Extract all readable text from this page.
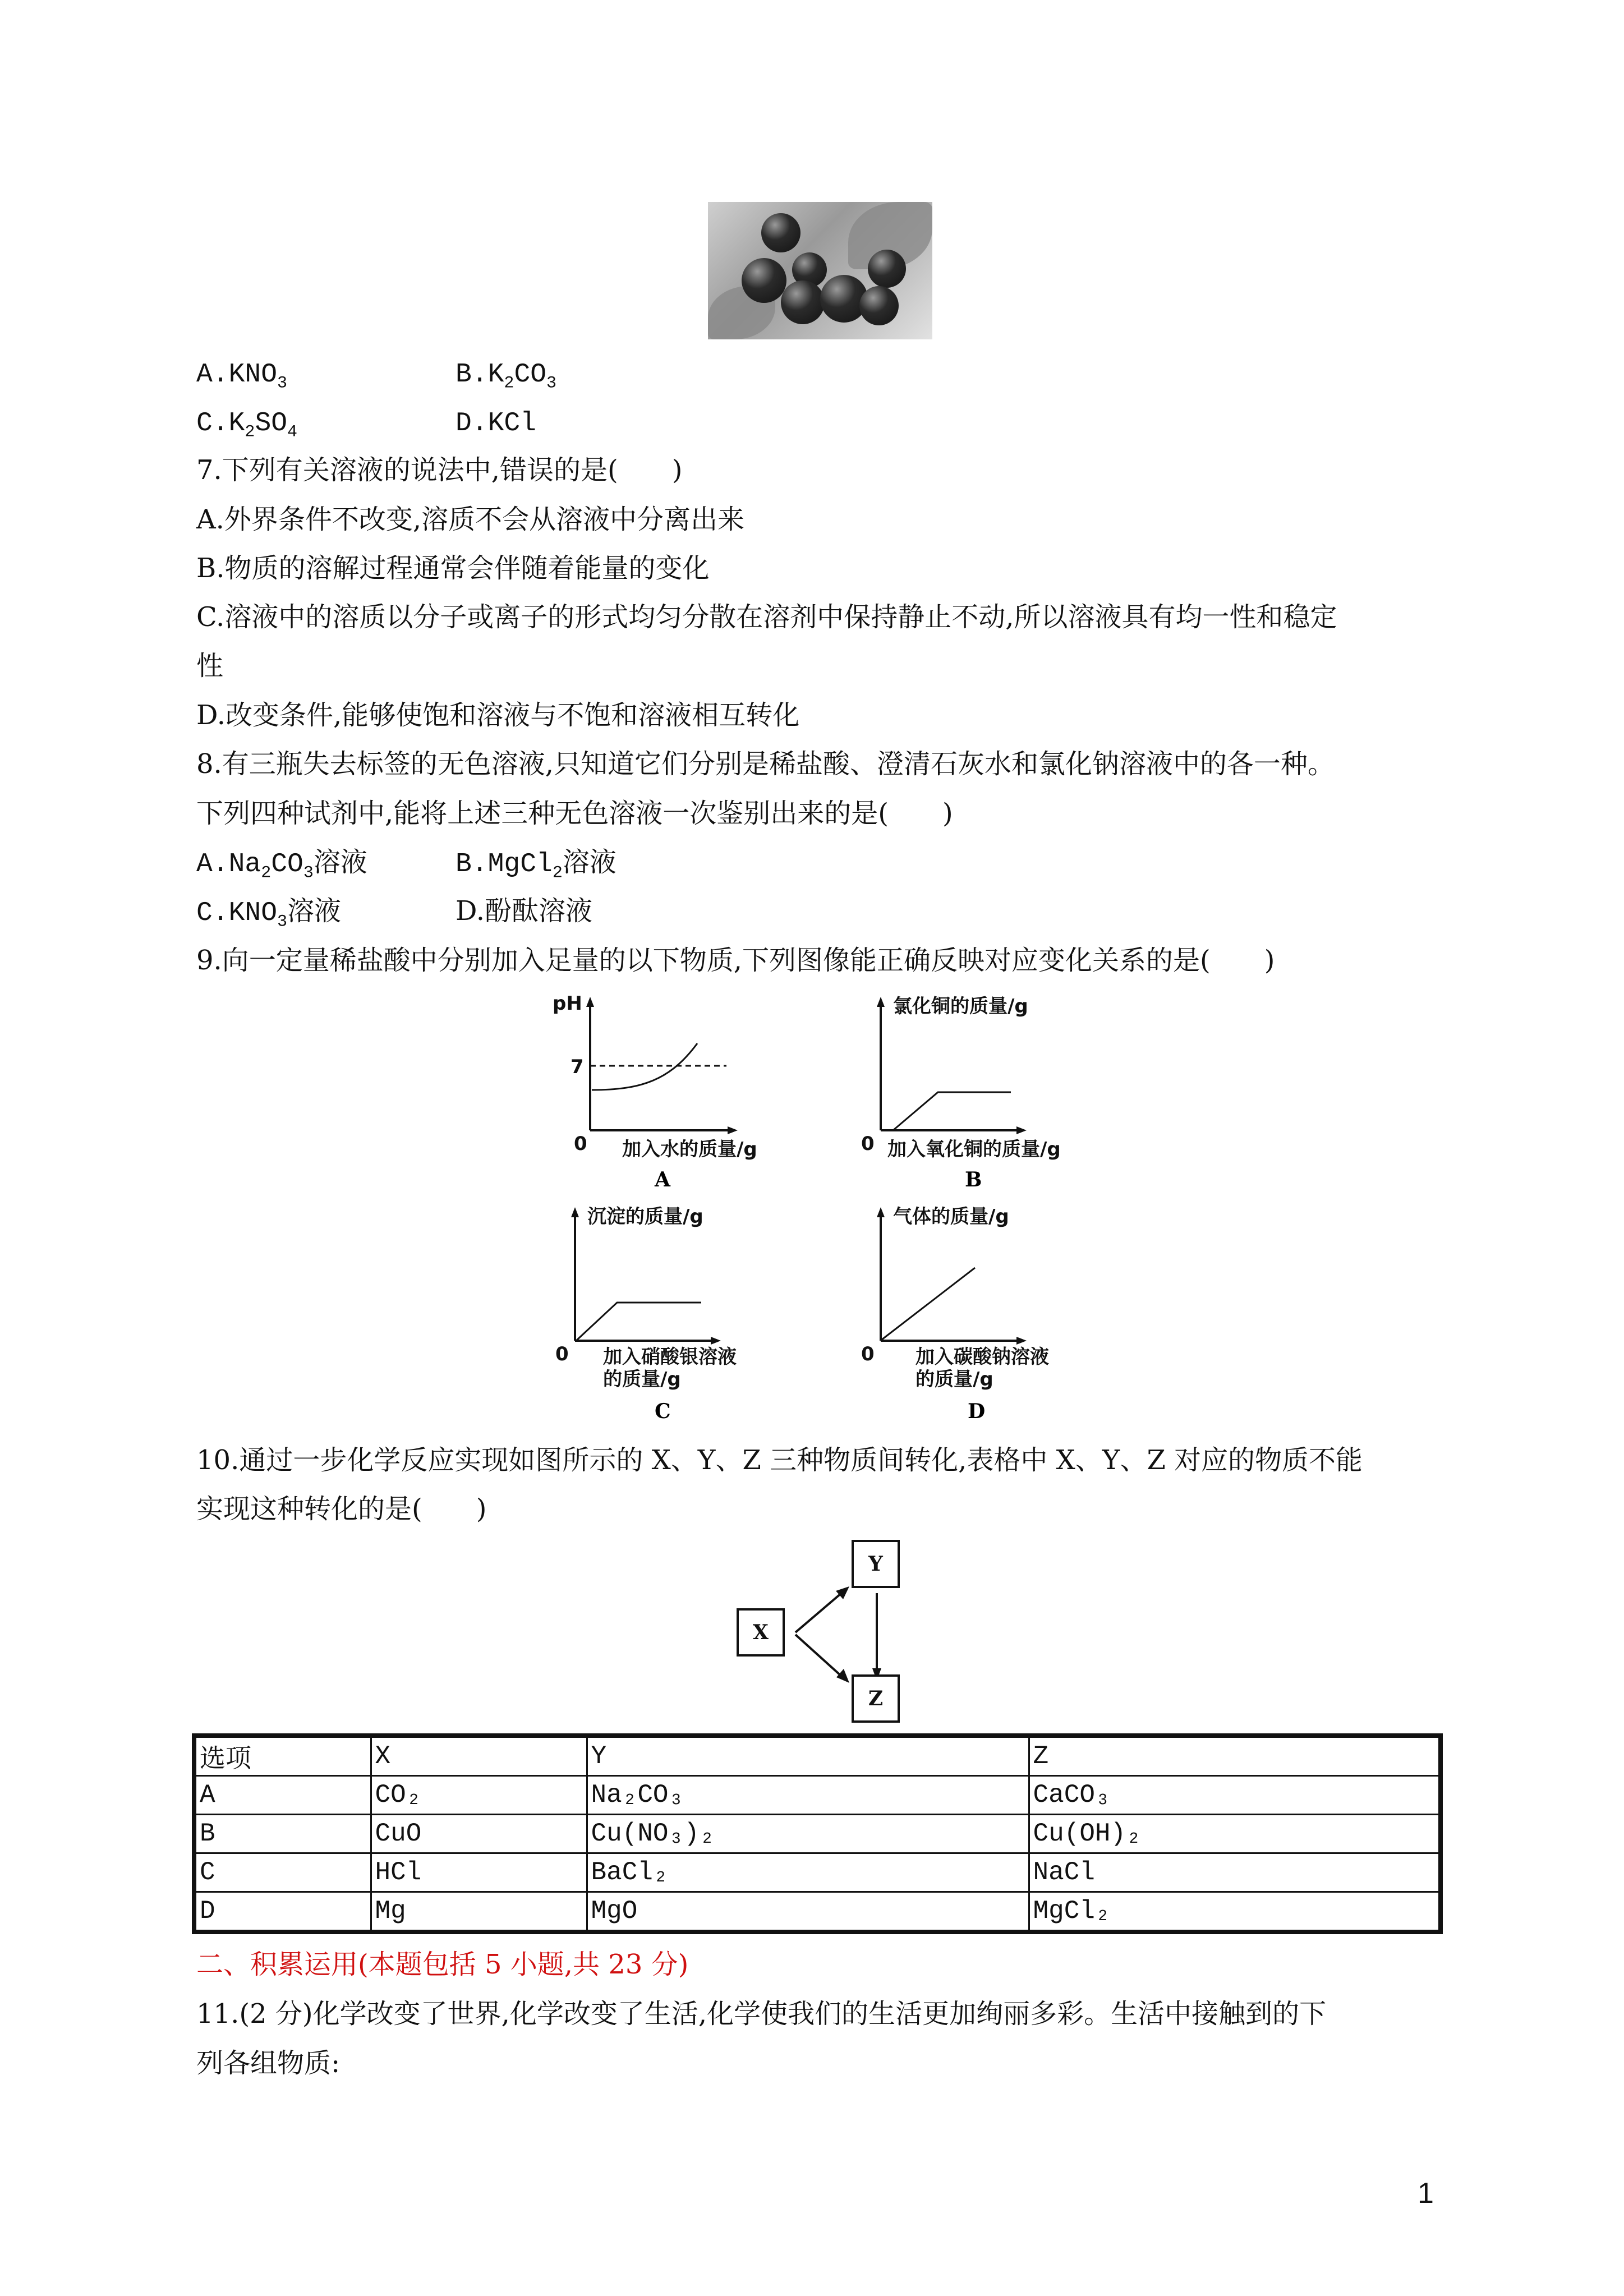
$A.KNO_3$	$B.K_2CO_3$
$C.K_2SO_4$	D.KCl
7.下列有关溶液的说法中,错误的是(　　)
A.外界条件不改变,溶质不会从溶液中分离出来
B.物质的溶解过程通常会伴随着能量的变化
C.溶液中的溶质以分子或离子的形式均匀分散在溶剂中保持静止不动,所以溶液具有均一性和稳定
性
D.改变条件,能够使饱和溶液与不饱和溶液相互转化
8.有三瓶失去标签的无色溶液,只知道它们分别是稀盐酸、澄清石灰水和氯化钠溶液中的各一种。
下列四种试剂中,能将上述三种无色溶液一次鉴别出来的是(　　)
$A.Na_2CO_3$溶液	B.MgCl$_2$溶液
$C.KNO_3$溶液	D.酚酞溶液
9.向一定量稀盐酸中分别加入足量的以下物质,下列图像能正确反映对应变化关系的是(　　)
pH
7
0 加入水的质量/g
A
氯化铜的质量/g
0 加入氧化铜的质量/g
B
沉淀的质量/g
0 加入硝酸银溶液
的质量/g
C
气体的质量/g
0 加入碳酸钠溶液
的质量/g
D
10.通过一步化学反应实现如图所示的 X、Y、Z 三种物质间转化,表格中 X、Y、Z 对应的物质不能
实现这种转化的是(　　)
X
Y
Z
选项	X	Y	Z
A	CO₂	Na₂CO₃	CaCO₃
B	CuO	Cu(NO₃)₂	Cu(OH)₂
C	HCl	BaCl₂	NaCl
D	Mg	MgO	MgCl₂
二、积累运用(本题包括 5 小题,共 23 分)
11.(2 分)化学改变了世界,化学改变了生活,化学使我们的生活更加绚丽多彩。生活中接触到的下
列各组物质:
1
